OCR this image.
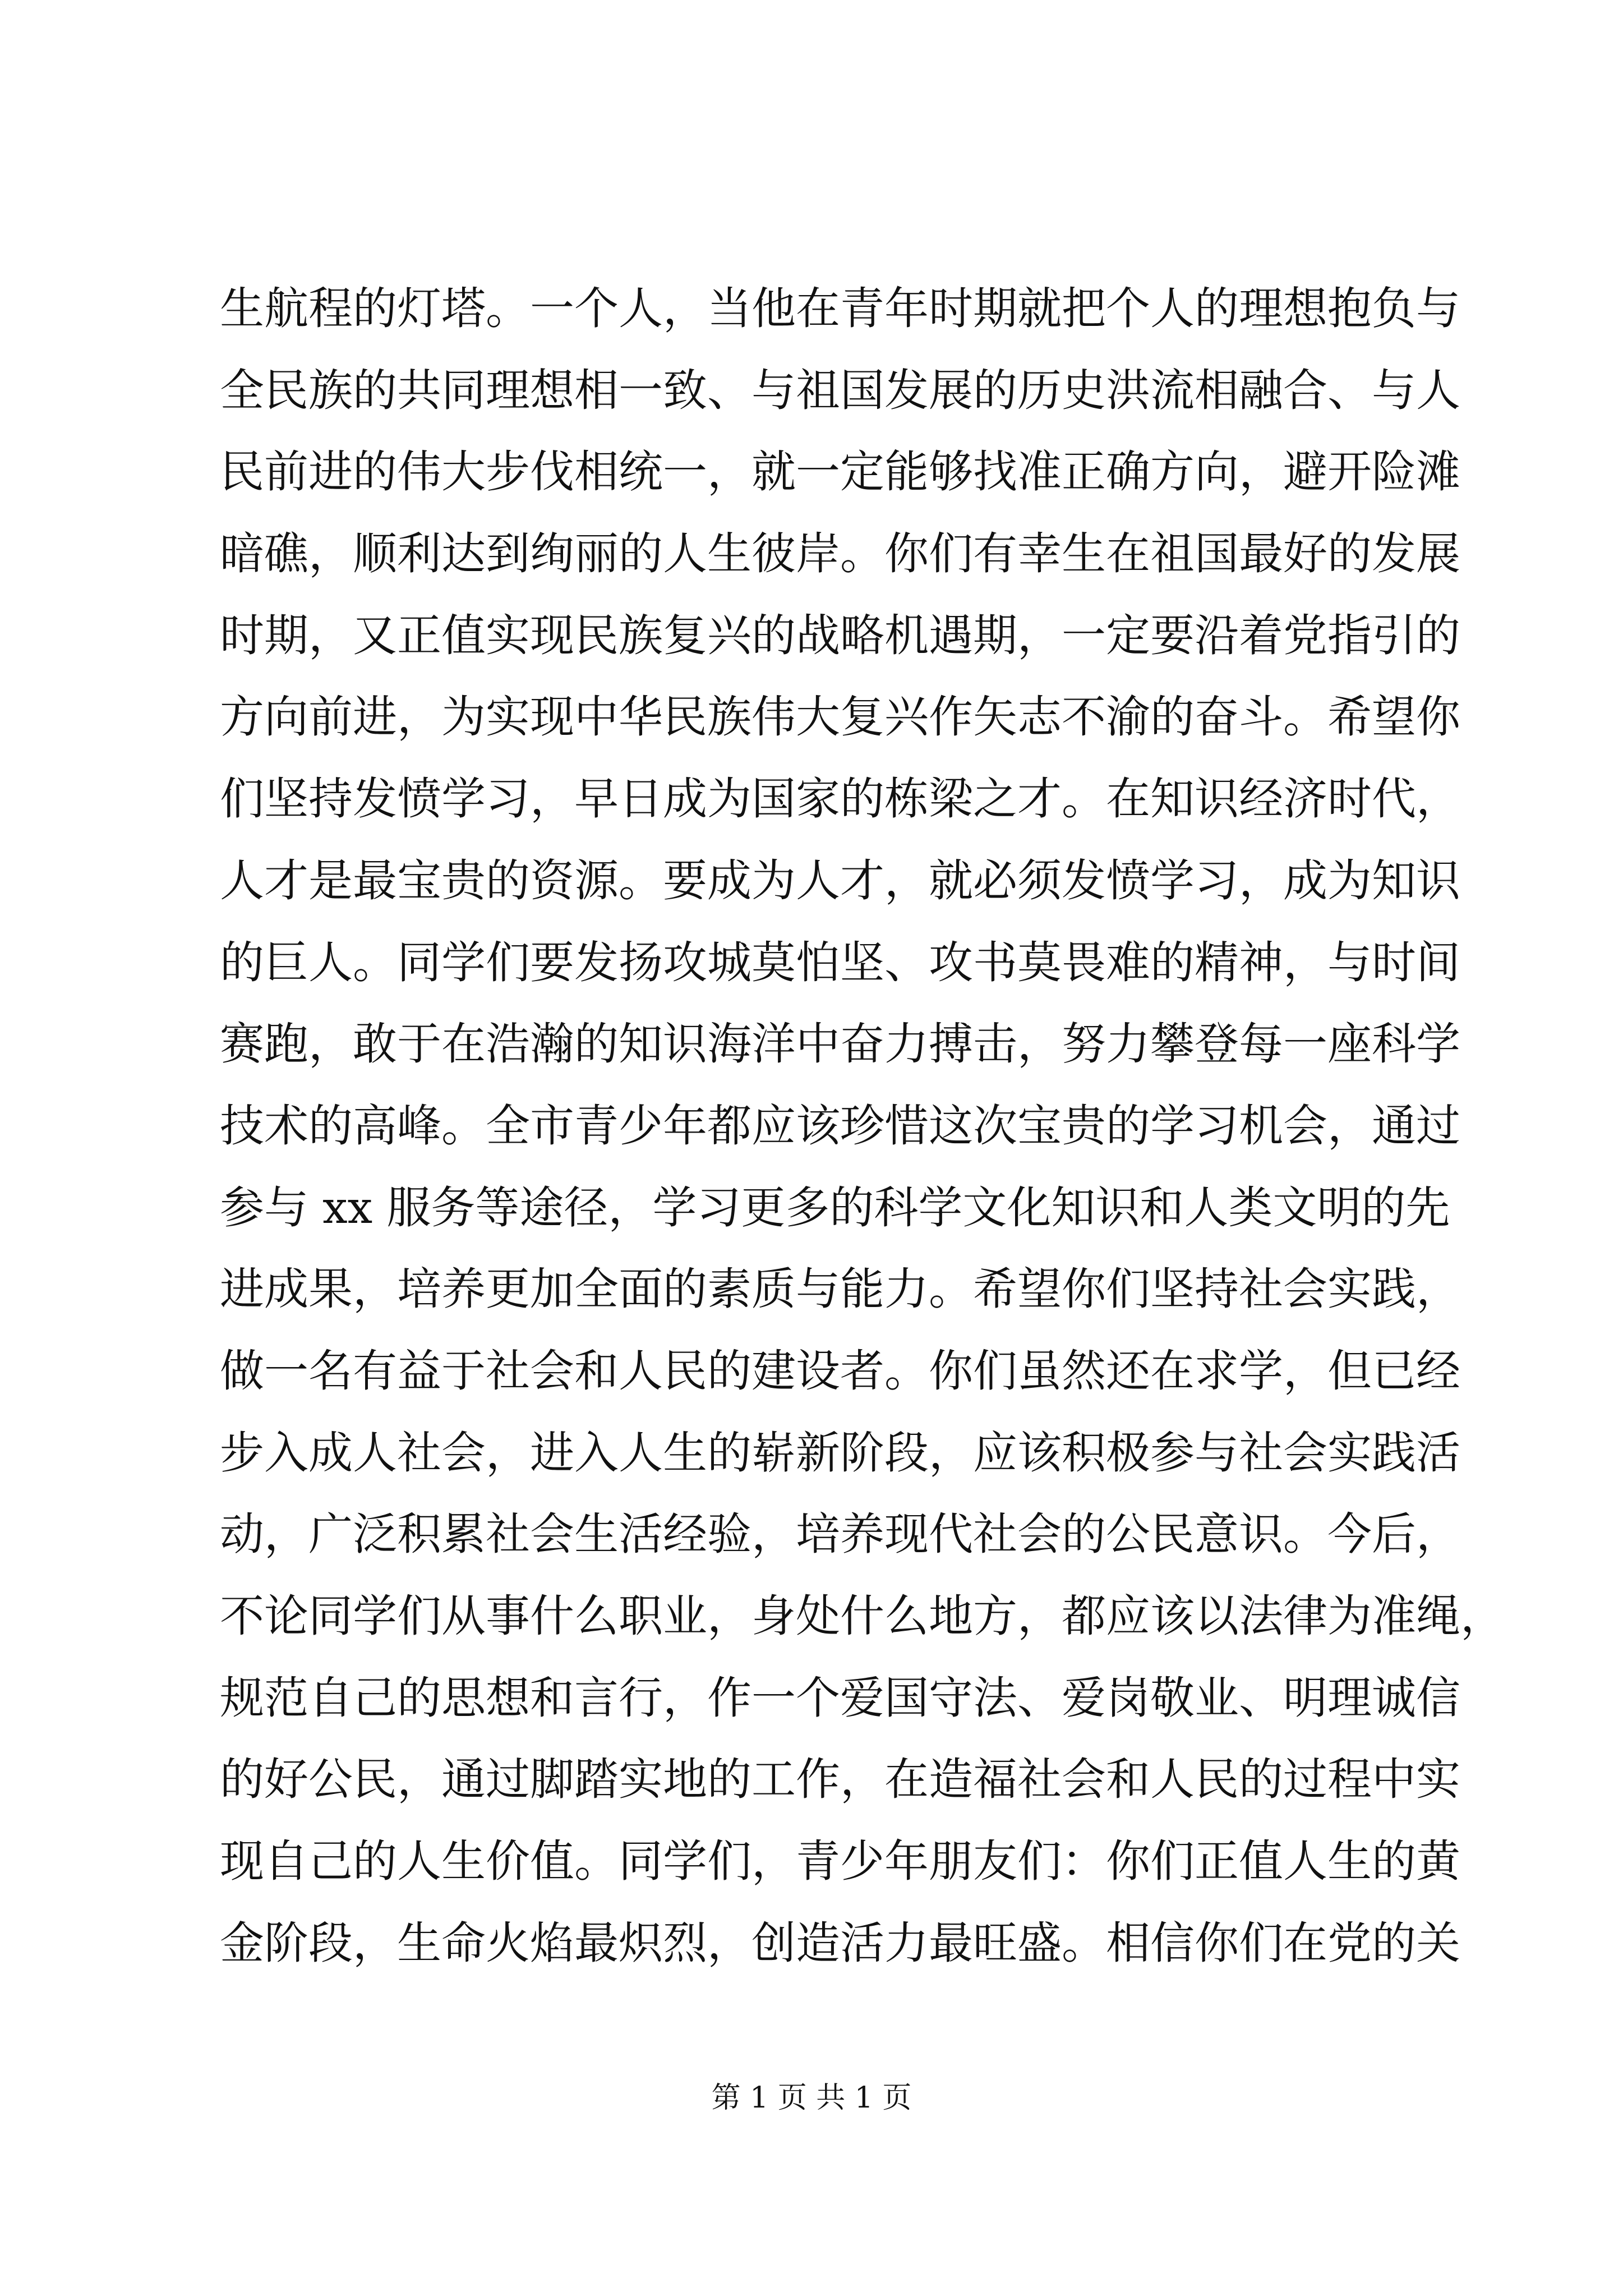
生航程的灯塔。一个人，当他在青年时期就把个人的理想抱负与
全民族的共同理想相一致、与祖国发展的历史洪流相融合、与人
民前进的伟大步伐相统一，就一定能够找准正确方向，避开险滩
暗礁，顺利达到绚丽的人生彼岸。你们有幸生在祖国最好的发展
时期，又正值实现民族复兴的战略机遇期，一定要沿着党指引的
方向前进，为实现中华民族伟大复兴作矢志不渝的奋斗。希望你
们坚持发愤学习，早日成为国家的栋梁之才。在知识经济时代，
人才是最宝贵的资源。要成为人才，就必须发愤学习，成为知识
的巨人。同学们要发扬攻城莫怕坚、攻书莫畏难的精神，与时间
赛跑，敢于在浩瀚的知识海洋中奋力搏击，努力攀登每一座科学
技术的高峰。全市青少年都应该珍惜这次宝贵的学习机会，通过
参与 xx 服务等途径，学习更多的科学文化知识和人类文明的先
进成果，培养更加全面的素质与能力。希望你们坚持社会实践，
做一名有益于社会和人民的建设者。你们虽然还在求学，但已经
步入成人社会，进入人生的崭新阶段，应该积极参与社会实践活
动，广泛积累社会生活经验，培养现代社会的公民意识。今后，
不论同学们从事什么职业，身处什么地方，都应该以法律为准绳，
规范自己的思想和言行，作一个爱国守法、爱岗敬业、明理诚信
的好公民，通过脚踏实地的工作，在造福社会和人民的过程中实
现自己的人生价值。同学们，青少年朋友们：你们正值人生的黄
金阶段，生命火焰最炽烈，创造活力最旺盛。相信你们在党的关
第 1 页 共 1 页
